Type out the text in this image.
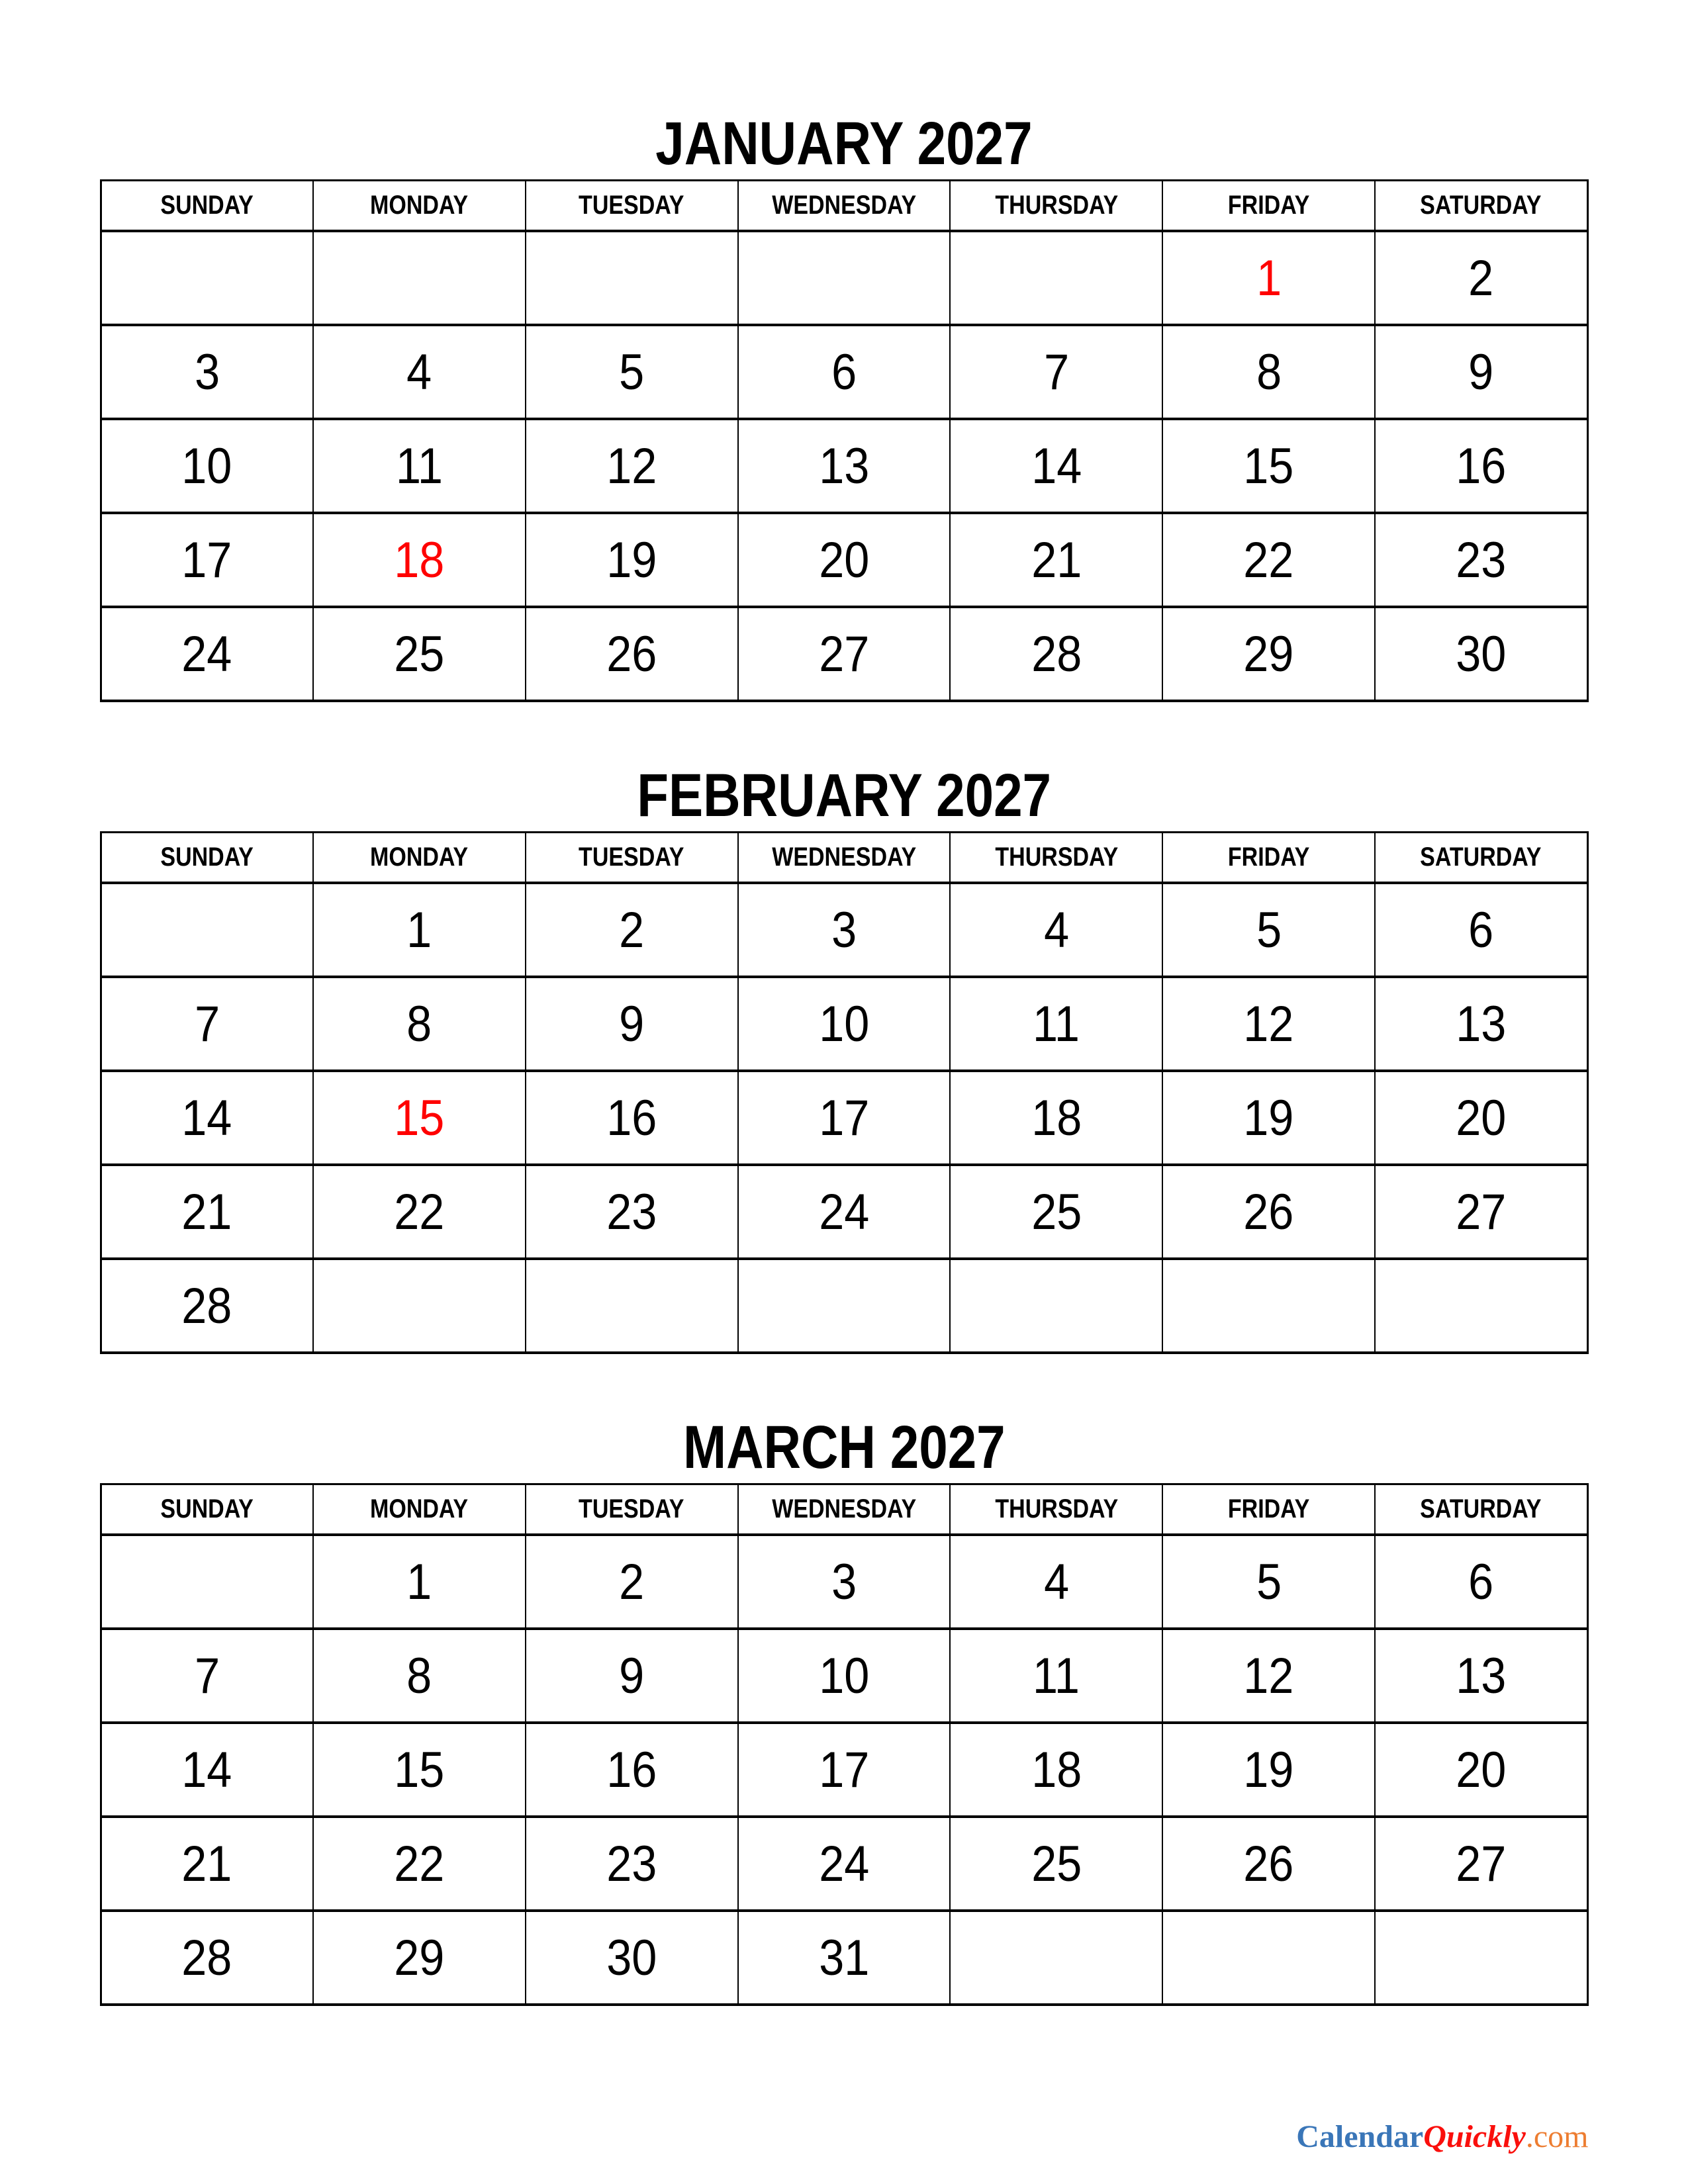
JANUARY 2027
SUNDAY	MONDAY	TUESDAY	WEDNESDAY	THURSDAY	FRIDAY	SATURDAY
					1	2
3	4	5	6	7	8	9
10	11	12	13	14	15	16
17	18	19	20	21	22	23
24	25	26	27	28	29	30
FEBRUARY 2027
SUNDAY	MONDAY	TUESDAY	WEDNESDAY	THURSDAY	FRIDAY	SATURDAY
	1	2	3	4	5	6
7	8	9	10	11	12	13
14	15	16	17	18	19	20
21	22	23	24	25	26	27
28						
MARCH 2027
SUNDAY	MONDAY	TUESDAY	WEDNESDAY	THURSDAY	FRIDAY	SATURDAY
	1	2	3	4	5	6
7	8	9	10	11	12	13
14	15	16	17	18	19	20
21	22	23	24	25	26	27
28	29	30	31			
CalendarQuickly.com
